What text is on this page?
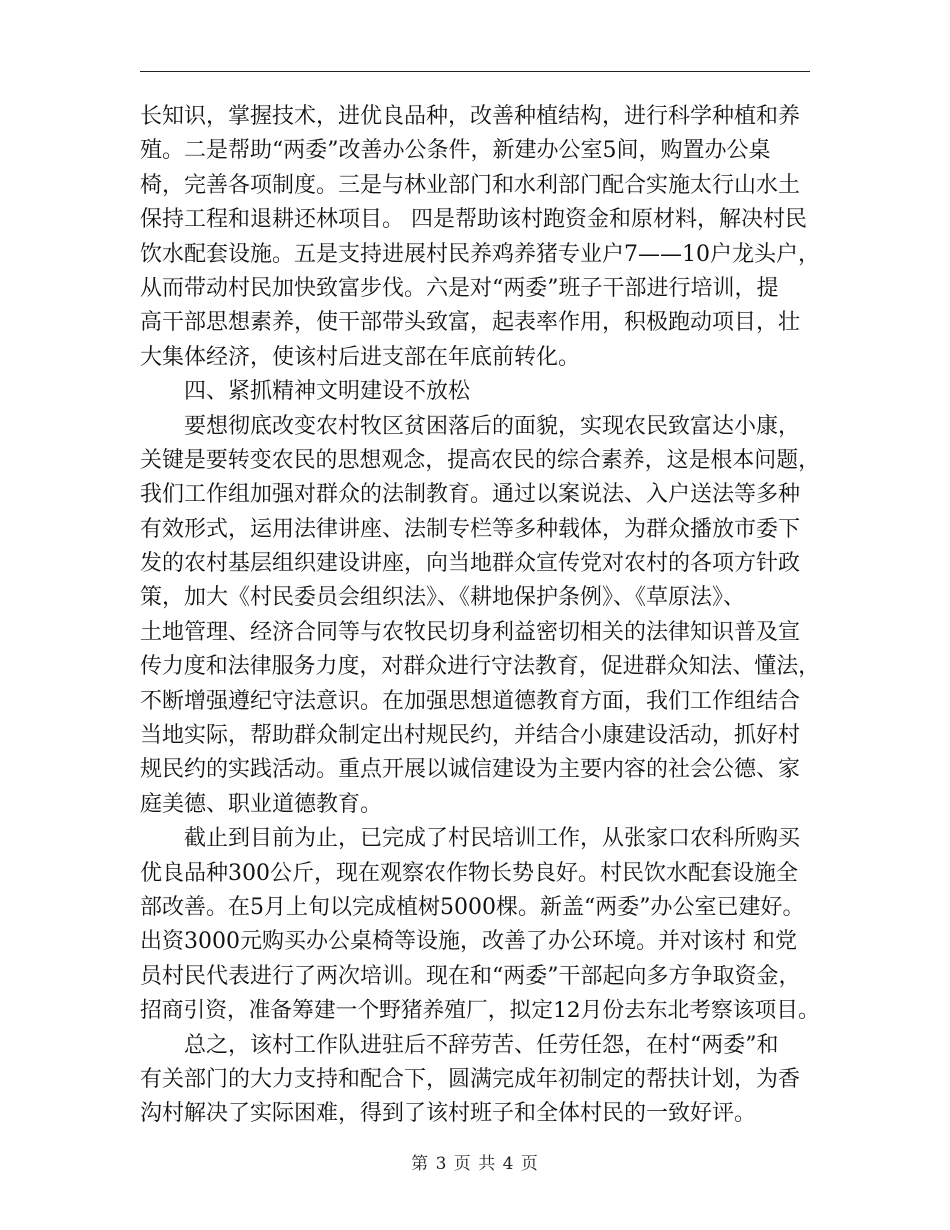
长知识，掌握技术，进优良品种，改善种植结构，进行科学种植和养
殖。二是帮助“两委”改善办公条件，新建办公室5间，购置办公桌
椅，完善各项制度。三是与林业部门和水利部门配合实施太行山水土
保持工程和退耕还林项目。 四是帮助该村跑资金和原材料，解决村民
饮水配套设施。五是支持进展村民养鸡养猪专业户7——10户龙头户，
从而带动村民加快致富步伐。六是对“两委”班子干部进行培训，提
高干部思想素养，使干部带头致富，起表率作用，积极跑动项目，壮
大集体经济，使该村后进支部在年底前转化。
四、紧抓精神文明建设不放松
要想彻底改变农村牧区贫困落后的面貌，实现农民致富达小康，
关键是要转变农民的思想观念，提高农民的综合素养，这是根本问题，
我们工作组加强对群众的法制教育。通过以案说法、入户送法等多种
有效形式，运用法律讲座、法制专栏等多种载体，为群众播放市委下
发的农村基层组织建设讲座，向当地群众宣传党对农村的各项方针政
策，加大《村民委员会组织法》、《耕地保护条例》、《草原法》、
土地管理、经济合同等与农牧民切身利益密切相关的法律知识普及宣
传力度和法律服务力度，对群众进行守法教育，促进群众知法、懂法，
不断增强遵纪守法意识。在加强思想道德教育方面，我们工作组结合
当地实际，帮助群众制定出村规民约，并结合小康建设活动，抓好村
规民约的实践活动。重点开展以诚信建设为主要内容的社会公德、家
庭美德、职业道德教育。
截止到目前为止，已完成了村民培训工作，从张家口农科所购买
优良品种300公斤，现在观察农作物长势良好。村民饮水配套设施全
部改善。在5月上旬以完成植树5000棵。新盖“两委”办公室已建好。
出资3000元购买办公桌椅等设施，改善了办公环境。并对该村 和党
员村民代表进行了两次培训。现在和“两委”干部起向多方争取资金，
招商引资，准备筹建一个野猪养殖厂，拟定12月份去东北考察该项目。
总之，该村工作队进驻后不辞劳苦、任劳任怨，在村“两委”和
有关部门的大力支持和配合下，圆满完成年初制定的帮扶计划，为香
沟村解决了实际困难，得到了该村班子和全体村民的一致好评。
第 3 页 共 4 页
